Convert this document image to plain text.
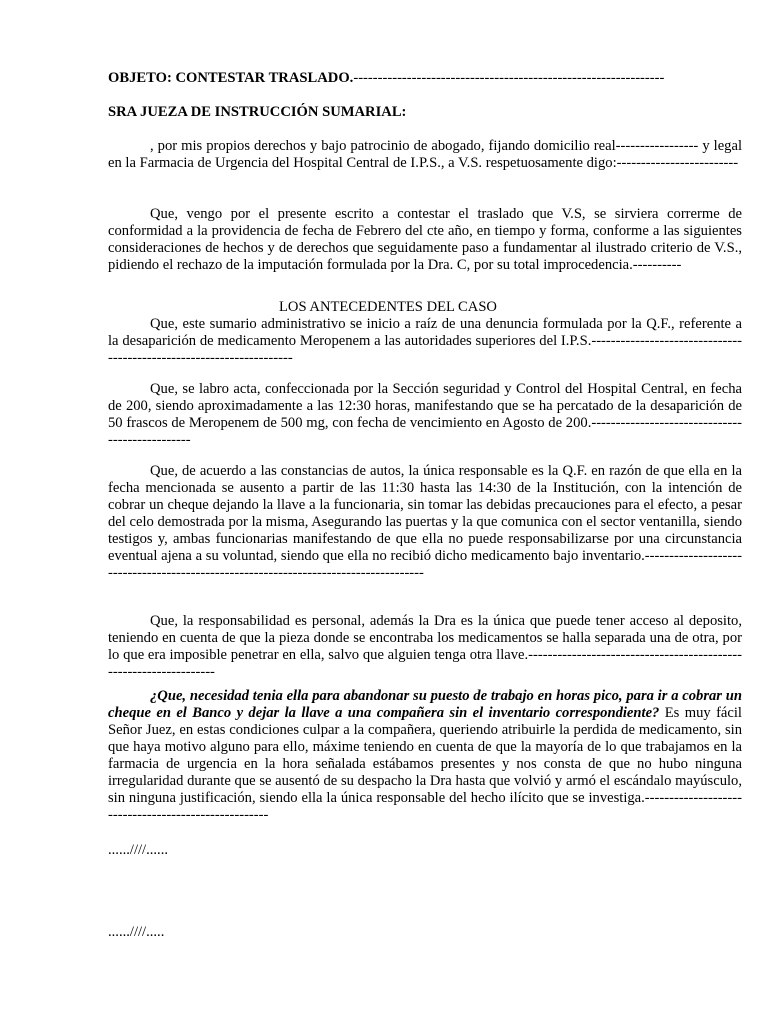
OBJETO: CONTESTAR TRASLADO.----------------------------------------------------------------
SRA JUEZA DE INSTRUCCIÓN SUMARIAL:
, por mis propios derechos y bajo patrocinio de abogado, fijando domicilio real----------------- y legal en la Farmacia de Urgencia del Hospital Central de I.P.S., a V.S. respetuosamente digo:-------------------------
Que, vengo por el presente escrito a contestar el traslado que V.S, se sirviera correrme de conformidad a la providencia de fecha de Febrero del cte año, en tiempo y forma, conforme a las siguientes consideraciones de hechos y de derechos que seguidamente paso a fundamentar al ilustrado criterio de V.S., pidiendo el rechazo de la imputación formulada por la Dra. C, por su total improcedencia.----------
LOS ANTECEDENTES DEL CASO
Que, este sumario administrativo se inicio a raíz de una denuncia formulada por la Q.F., referente a la desaparición de medicamento Meropenem a las autoridades superiores del I.P.S.---------------------------------------------------------------------
Que, se labro acta, confeccionada por la Sección seguridad y Control del Hospital Central, en fecha de 200, siendo aproximadamente a las 12:30 horas, manifestando que se ha percatado de la desaparición de 50 frascos de Meropenem de 500 mg, con fecha de vencimiento en Agosto de 200.------------------------------------------------
Que, de acuerdo a las constancias de autos, la única responsable es la Q.F. en razón de que ella en la fecha mencionada se ausento a partir de las 11:30 hasta las 14:30 de la Institución, con la intención de cobrar un cheque dejando la llave a la funcionaria, sin tomar las debidas precauciones para el efecto, a pesar del celo demostrada por la misma, Asegurando las puertas y la que comunica con el sector ventanilla, siendo testigos y, ambas funcionarias manifestando de que ella no puede responsabilizarse por una circunstancia eventual ajena a su voluntad, siendo que ella no recibió dicho medicamento bajo inventario.-------------------------------------------------------------------------------------
Que, la responsabilidad es personal, además la Dra es la única que puede tener acceso al deposito, teniendo en cuenta de que la pieza donde se encontraba los medicamentos se halla separada una de otra, por lo que era imposible penetrar en ella, salvo que alguien tenga otra llave.------------------------------------------------------------------
¿Que, necesidad tenia ella para abandonar su puesto de trabajo en horas pico, para ir a cobrar un cheque en el Banco y dejar la llave a una compañera sin el inventario correspondiente? Es muy fácil Señor Juez, en estas condiciones culpar a la compañera, queriendo atribuirle la perdida de medicamento, sin que haya motivo alguno para ello, máxime teniendo en cuenta de que la mayoría de lo que trabajamos en la farmacia de urgencia en la hora señalada estábamos presentes y nos consta de que no hubo ninguna irregularidad durante que se ausentó de su despacho la Dra hasta que volvió y armó el escándalo mayúsculo, sin ninguna justificación, siendo ella la única responsable del hecho ilícito que se investiga.-----------------------------------------------------
......////......
......////.....
